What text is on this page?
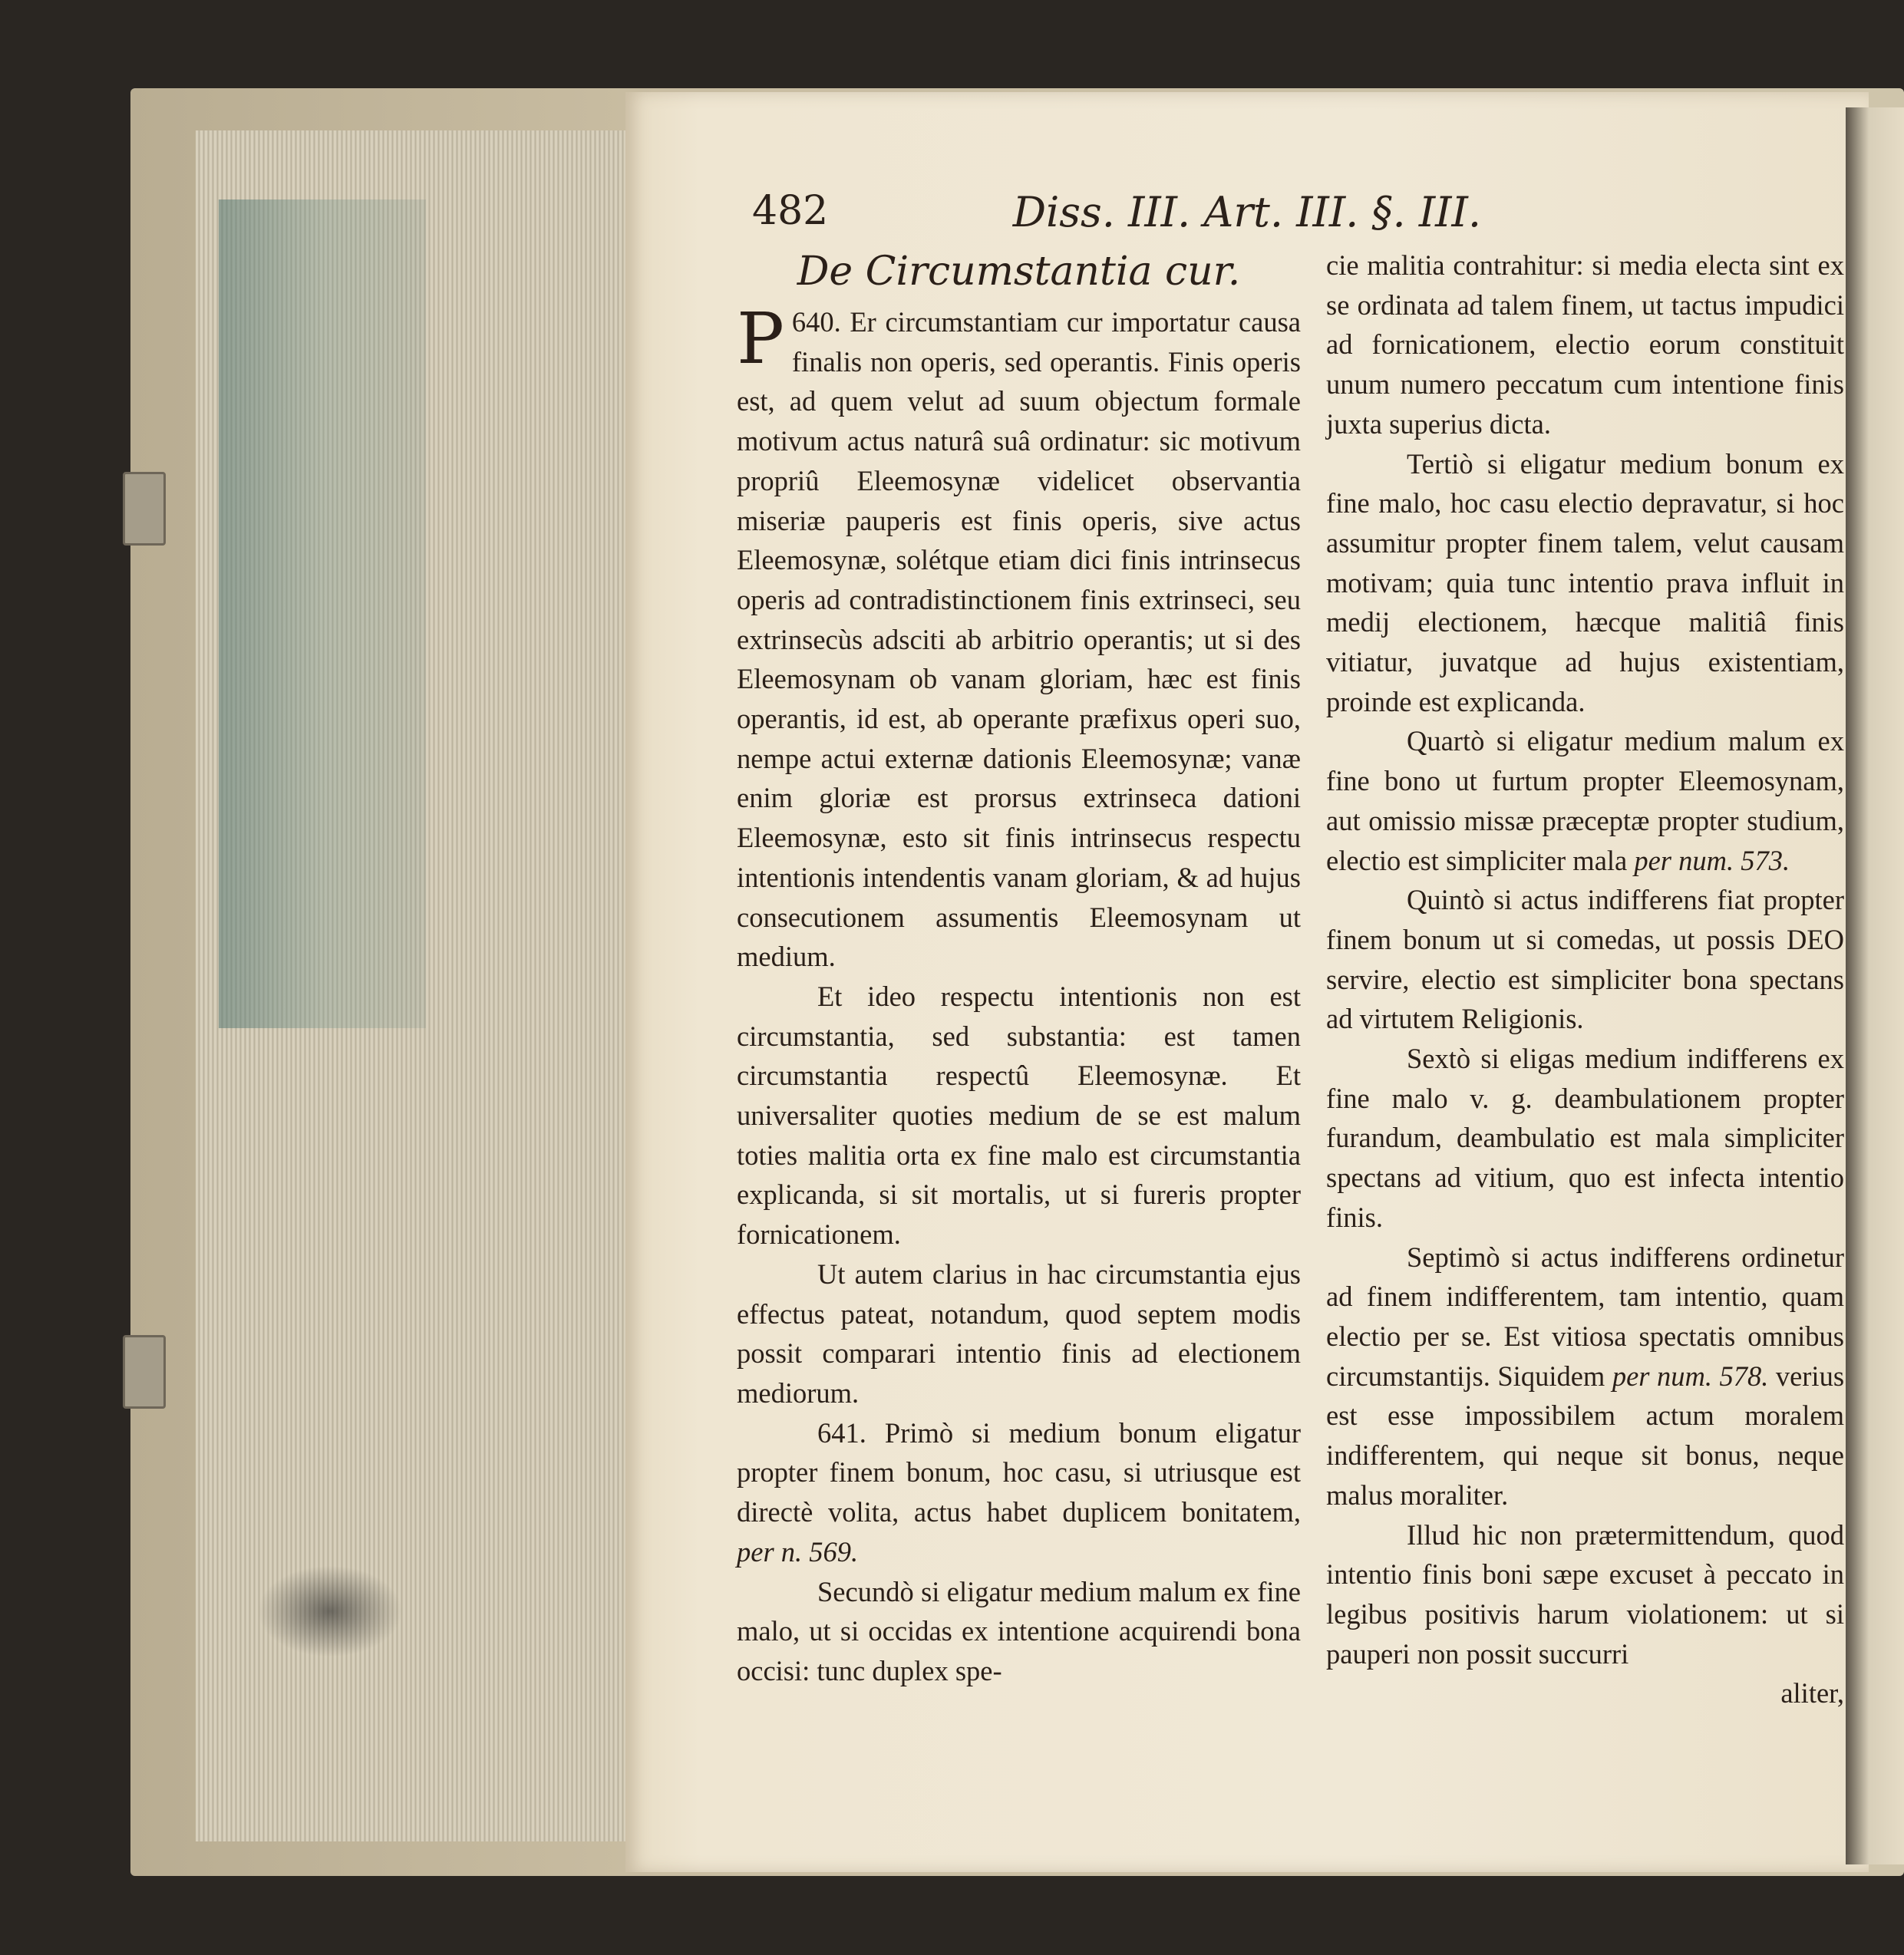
482	Diss. III. Art. III. §. III.

De Circumstantia cur.

640.
P Er circumstantiam cur importatur causa finalis non operis, sed operantis. Finis operis est, ad quem velut ad suum objectum formale motivum actus naturâ suâ ordinatur: sic motivum propriû Eleemosynæ videlicet observantia miseriæ pauperis est finis operis, sive actus Eleemosynæ, solétque etiam dici finis intrinsecus operis ad contradistinctionem finis extrinseci, seu extrinsecùs adsciti ab arbitrio operantis; ut si des Eleemosynam ob vanam gloriam, hæc est finis operantis, id est, ab operante præfixus operi suo, nempe actui externæ dationis Eleemosynæ; vanæ enim gloriæ est prorsus extrinseca dationi Eleemosynæ, esto sit finis intrinsecus respectu intentionis intendentis vanam gloriam, & ad hujus consecutionem assumentis Eleemosynam ut medium.

Et ideo respectu intentionis non est circumstantia, sed substantia: est tamen circumstantia respectû Eleemosynæ. Et universaliter quoties medium de se est malum toties malitia orta ex fine malo est circumstantia explicanda, si sit mortalis, ut si fureris propter fornicationem.

Ut autem clarius in hac circumstantia ejus effectus pateat, notandum, quod septem modis possit comparari intentio finis ad electionem mediorum.

641. Primò si medium bonum eligatur propter finem bonum, hoc casu, si utriusque est directè volita, actus habet duplicem bonitatem, per n. 569.

Secundò si eligatur medium malum ex fine malo, ut si occidas ex intentione acquirendi bona occisi: tunc duplex spe-

cie malitia contrahitur: si media electa sint ex se ordinata ad talem finem, ut tactus impudici ad fornicationem, electio eorum constituit unum numero peccatum cum intentione finis juxta superius dicta.

Tertiò si eligatur medium bonum ex fine malo, hoc casu electio depravatur, si hoc assumitur propter finem talem, velut causam motivam; quia tunc intentio prava influit in medij electionem, hæcque malitiâ finis vitiatur, juvatque ad hujus existentiam, proinde est explicanda.

Quartò si eligatur medium malum ex fine bono ut furtum propter Eleemosynam, aut omissio missæ præceptæ propter studium, electio est simpliciter mala per num. 573.

Quintò si actus indifferens fiat propter finem bonum ut si comedas, ut possis DEO servire, electio est simpliciter bona spectans ad virtutem Religionis.

Sextò si eligas medium indifferens ex fine malo v. g. deambulationem propter furandum, deambulatio est mala simpliciter spectans ad vitium, quo est infecta intentio finis.

Septimò si actus indifferens ordinetur ad finem indifferentem, tam intentio, quam electio per se. Est vitiosa spectatis omnibus circumstantijs. Siquidem per num. 578. verius est esse impossibilem actum moralem indifferentem, qui neque sit bonus, neque malus moraliter.

Illud hic non prætermittendum, quod intentio finis boni sæpe excuset à peccato in legibus positivis harum violationem: ut si pauperi non possit succurri

aliter,
